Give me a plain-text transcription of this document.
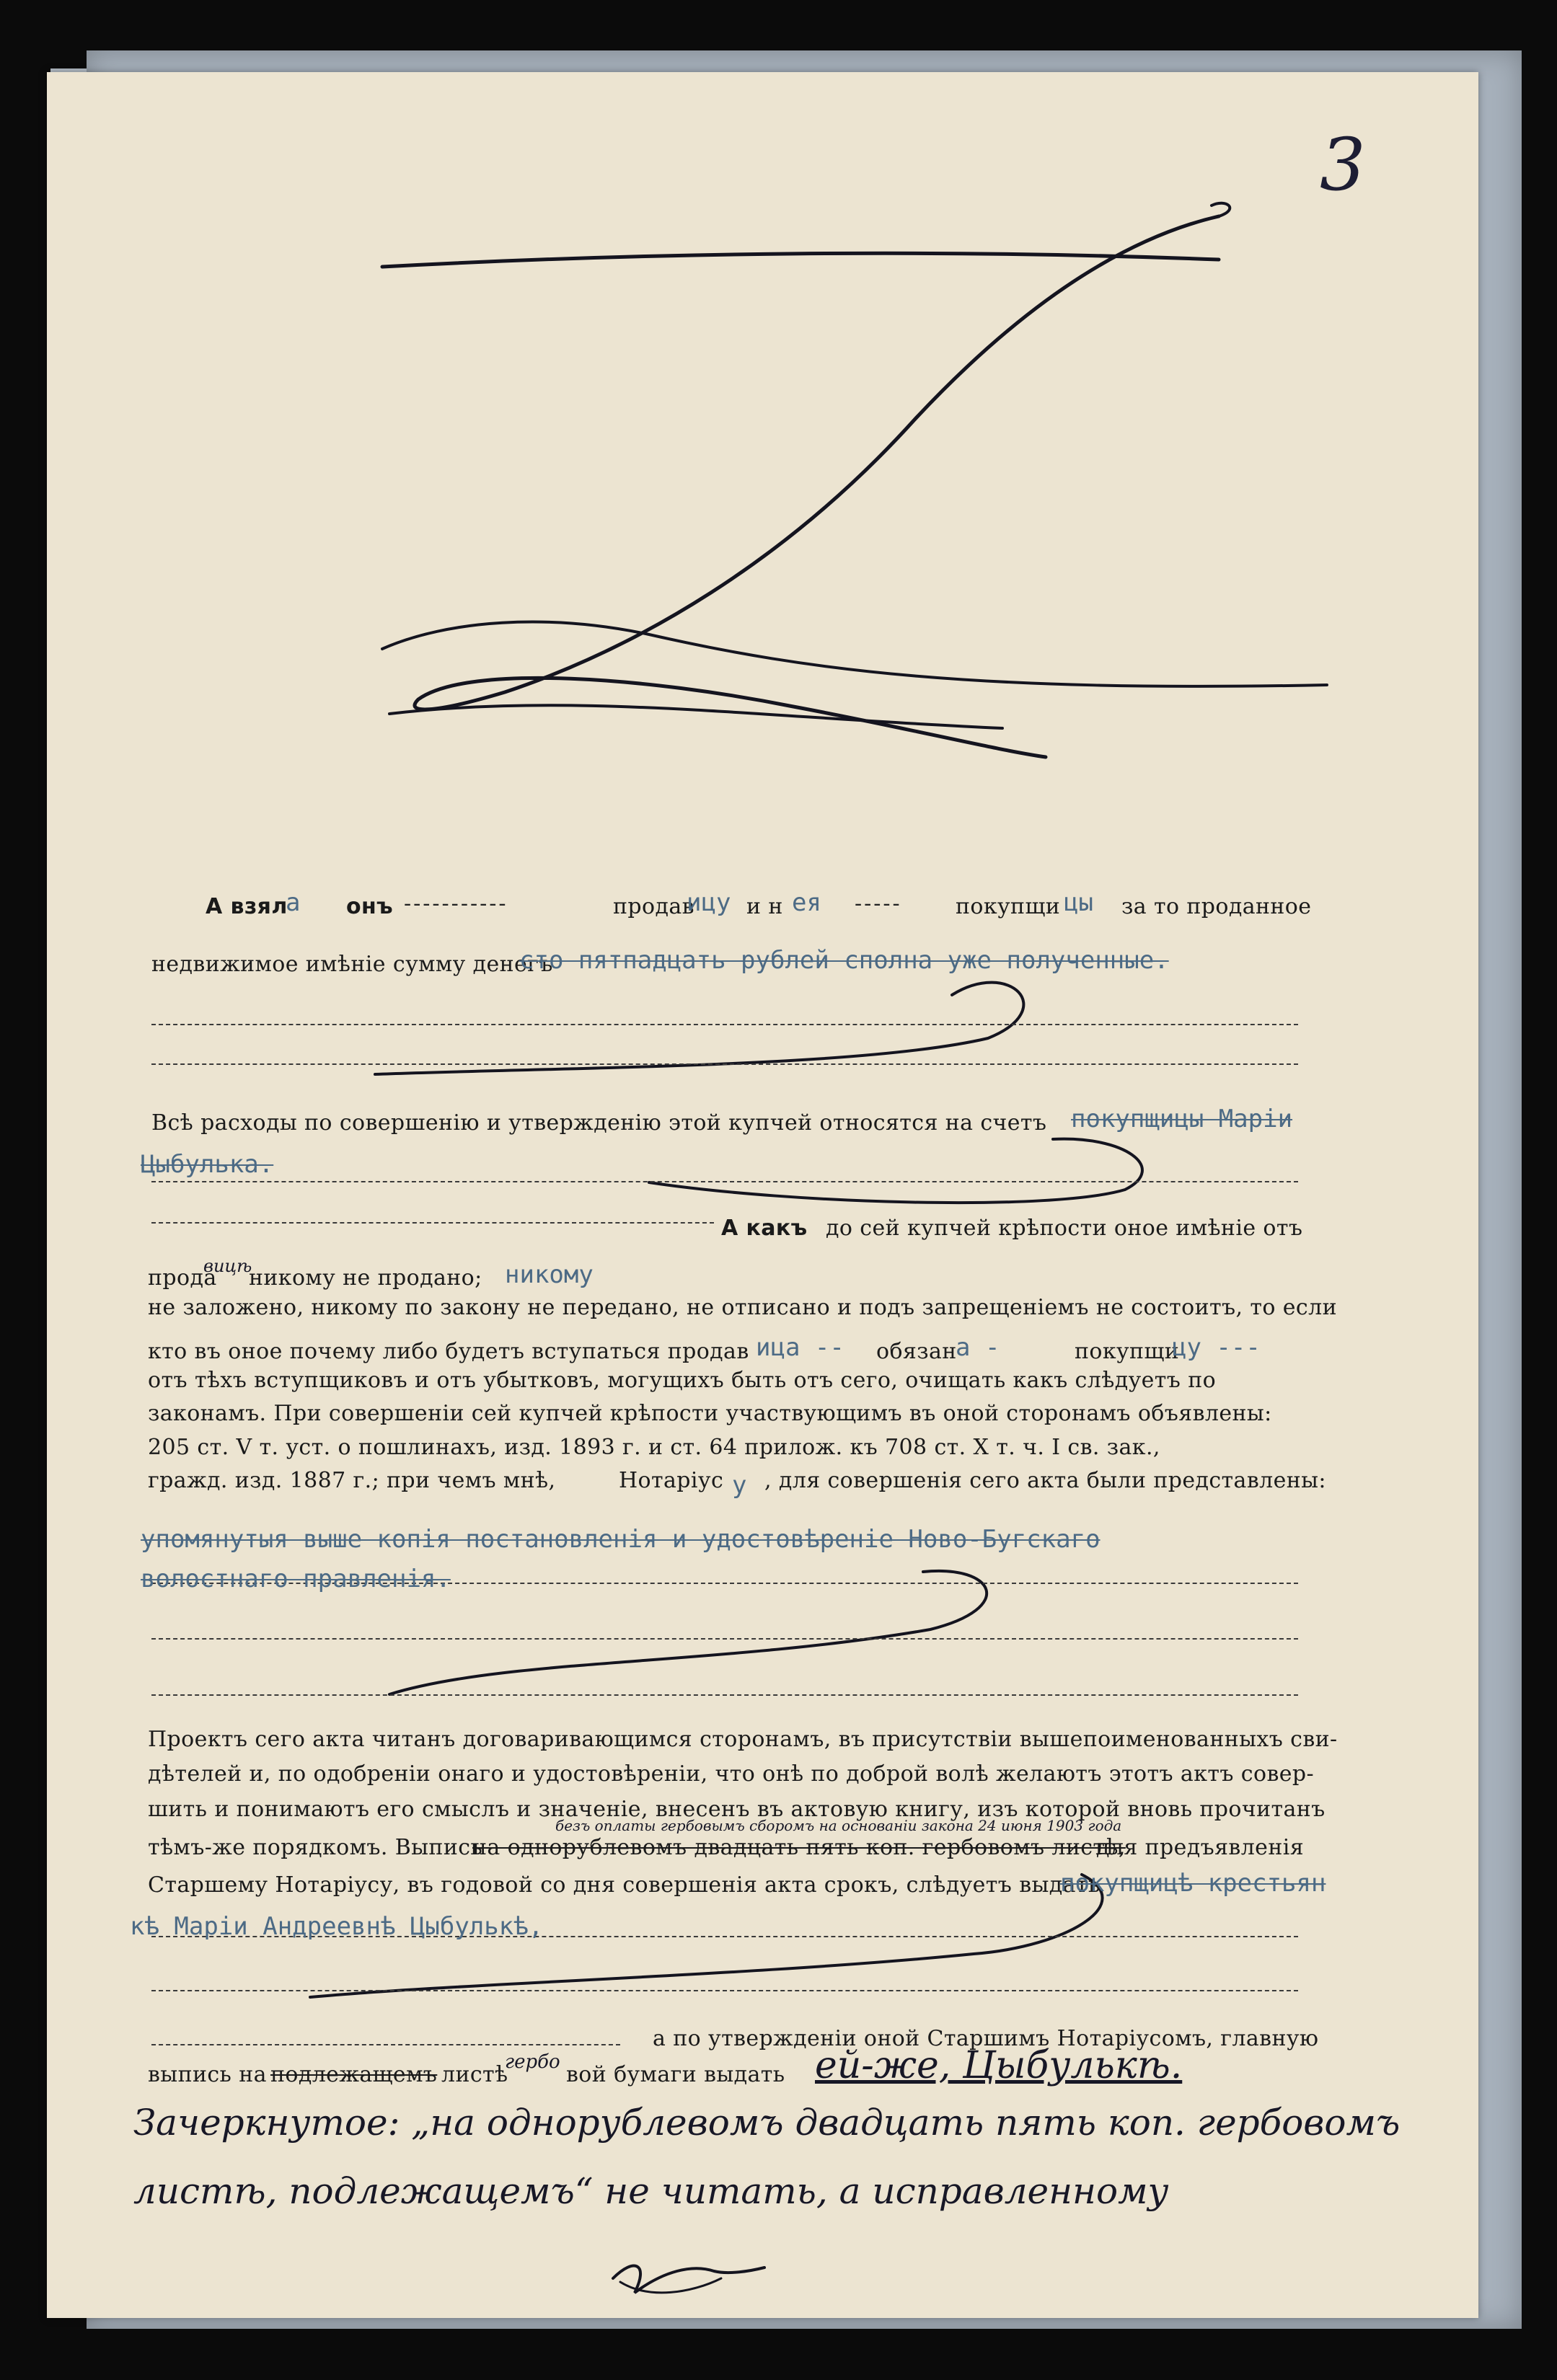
3
А взял
а онъ -----------	продав
ицу и н ея ----- покупщи цы за то проданное
недвижимое имѣніе сумму денегъ
сто пятпадцать рублей сполна уже полученные.
Всѣ расходы по совершенію и утвержденію этой купчей относятся на счетъ покупщицы Маріи
Цыбулька.
А какъ до сей купчей крѣпости оное имѣніе отъ
прода
вицѣ
никому не продано; никому
не заложено, никому по закону не передано, не отписано и подъ запрещеніемъ не состоитъ, то если
кто въ оное почему либо будетъ вступаться продав ица -- обязан
а -	покупщи
цу ---
отъ тѣхъ вступщиковъ и отъ убытковъ, могущихъ быть отъ сего, очищать какъ слѣдуетъ по
законамъ. При совершеніи сей купчей крѣпости участвующимъ въ оной сторонамъ объявлены:
205 ст. V т. уст. о пошлинахъ, изд. 1893 г. и ст. 64 прилож. къ 708 ст. X т. ч. I св. зак.,
гражд. изд. 1887 г.; при чемъ мнѣ,	Нотаріус у , для совершенія сего акта были представлены:
упомянутыя выше копія постановленія и удостовѣреніе Ново-Бугскаго
волостнаго правленія.
Проектъ сего акта читанъ договаривающимся сторонамъ, въ присутствіи вышепоименованныхъ сви-
дѣтелей и, по одобреніи онаго и удостовѣреніи, что онѣ по доброй волѣ желаютъ этотъ актъ совер-
шить и понимаютъ его смыслъ и значеніе, внесенъ въ актовую книгу, изъ которой вновь прочитанъ
безъ оплаты гербовымъ сборомъ на основаніи закона 24 июня 1903 года
тѣмъ-же порядкомъ. Выпись
на однорублевомъ двадцать пять коп. гербовомъ листѣ,
для предъявленія
Старшему Нотаріусу, въ годовой со дня совершенія акта срокъ, слѣдуетъ выдать
покупщицѣ крестьян
кѣ Маріи Андреевнѣ Цыбулькѣ,
а по утвержденіи оной Старшимъ Нотаріусомъ, главную
выпись на подлежащемъ листѣ
гербо вой бумаги выдать ей-же, Цыбулькѣ.
Зачеркнутое: „на однорублевомъ двадцать пять коп. гербовомъ
листѣ, подлежащемъ“ не читать, а исправленному
